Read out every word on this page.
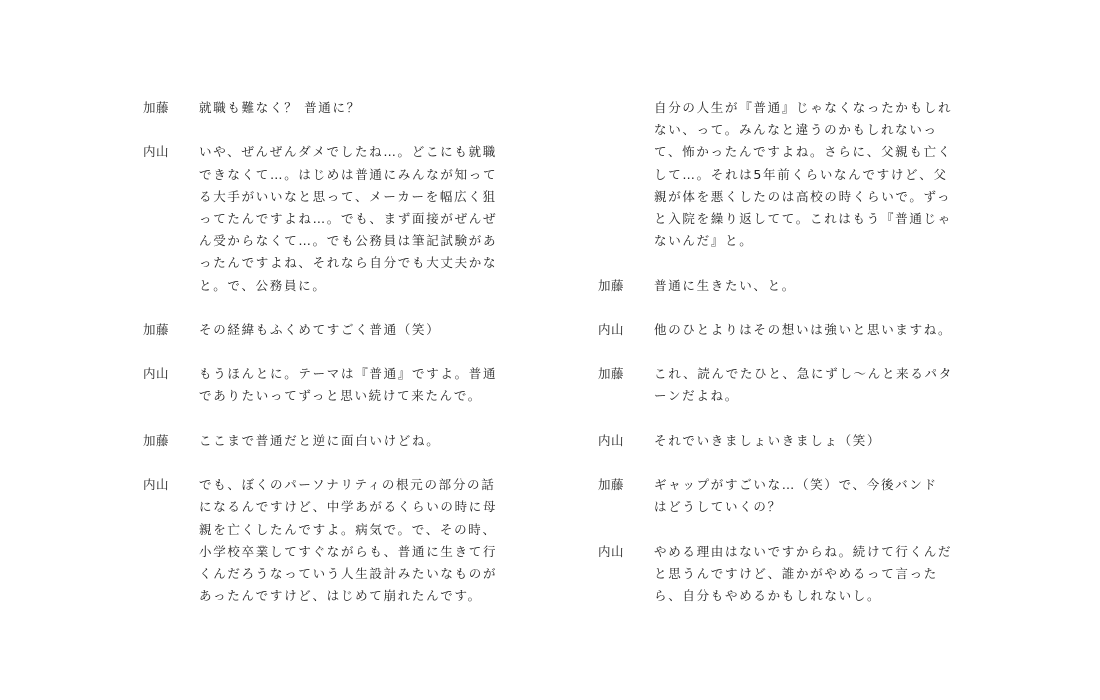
加藤	就職も難なく？ 普通に？
内山	いや、ぜんぜんダメでしたね…。どこにも就職
できなくて…。はじめは普通にみんなが知って
る大手がいいなと思って、メーカーを幅広く狙
ってたんですよね…。でも、まず面接がぜんぜ
ん受からなくて…。でも公務員は筆記試験があ
ったんですよね、それなら自分でも大丈夫かな
と。で、公務員に。
加藤	その経緯もふくめてすごく普通（笑）
内山	もうほんとに。テーマは『普通』ですよ。普通
でありたいってずっと思い続けて来たんで。
加藤	ここまで普通だと逆に面白いけどね。
内山	でも、ぼくのパーソナリティの根元の部分の話
になるんですけど、中学あがるくらいの時に母
親を亡くしたんですよ。病気で。で、その時、
小学校卒業してすぐながらも、普通に生きて行
くんだろうなっていう人生設計みたいなものが
あったんですけど、はじめて崩れたんです。
自分の人生が『普通』じゃなくなったかもしれ
ない、って。みんなと違うのかもしれないっ
て、怖かったんですよね。さらに、父親も亡く
して…。それは5年前くらいなんですけど、父
親が体を悪くしたのは高校の時くらいで。ずっ
と入院を繰り返してて。これはもう『普通じゃ
ないんだ』と。
加藤	普通に生きたい、と。
内山	他のひとよりはその想いは強いと思いますね。
加藤	これ、読んでたひと、急にずし〜んと来るパタ
ーンだよね。
内山	それでいきましょいきましょ（笑）
加藤	ギャップがすごいな…（笑）で、今後バンド
はどうしていくの？
内山	やめる理由はないですからね。続けて行くんだ
と思うんですけど、誰かがやめるって言った
ら、自分もやめるかもしれないし。
